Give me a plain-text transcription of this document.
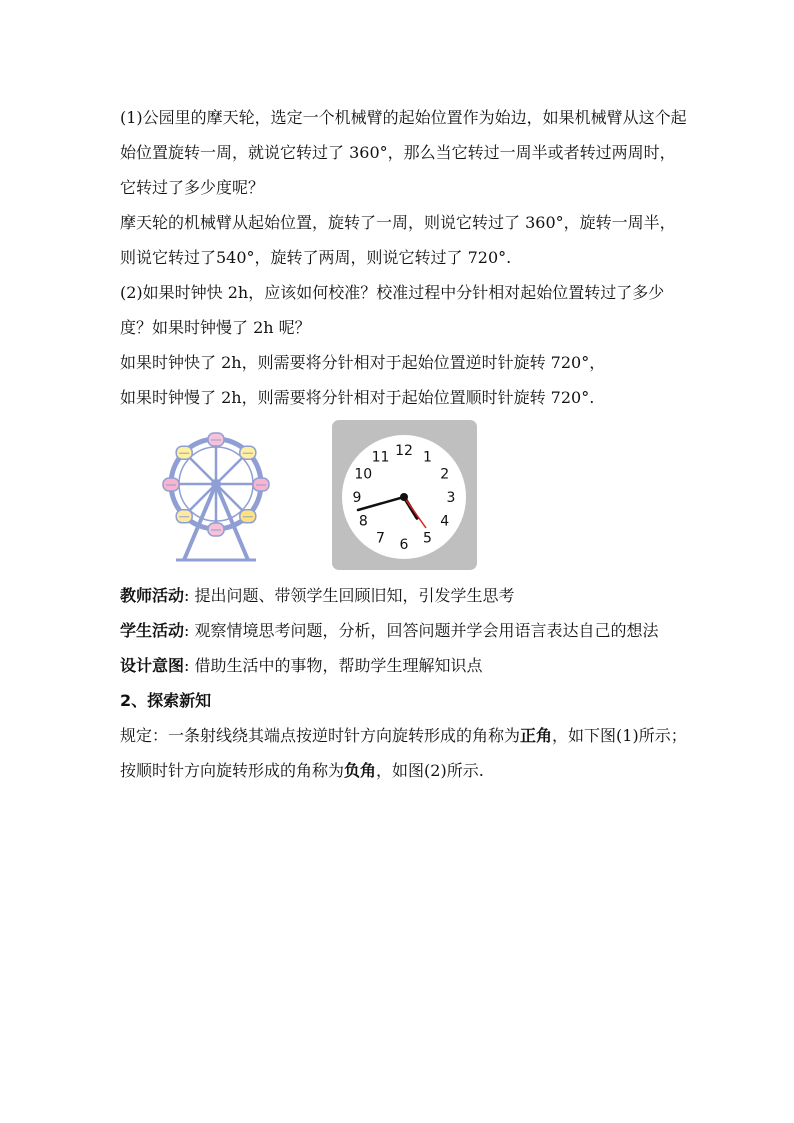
(1)公园里的摩天轮，选定一个机械臂的起始位置作为始边，如果机械臂从这个起始位置旋转一周，就说它转过了 360°，那么当它转过一周半或者转过两周时，它转过了多少度呢？

摩天轮的机械臂从起始位置，旋转了一周，则说它转过了 360°，旋转一周半，则说它转过了540°，旋转了两周，则说它转过了 720°.

(2)如果时钟快 2h，应该如何校准？校准过程中分针相对起始位置转过了多少度？如果时钟慢了 2h 呢？

如果时钟快了 2h，则需要将分针相对于起始位置逆时针旋转 720°，

如果时钟慢了 2h，则需要将分针相对于起始位置顺时针旋转 720°.

12 1
2
3
4
5
6
7
8
9
10
11

教师活动: 提出问题、带领学生回顾旧知，引发学生思考

学生活动: 观察情境思考问题，分析，回答问题并学会用语言表达自己的想法

设计意图: 借助生活中的事物，帮助学生理解知识点

2、探索新知

规定：一条射线绕其端点按逆时针方向旋转形成的角称为正角，如下图(1)所示；按顺时针方向旋转形成的角称为负角，如图(2)所示.
